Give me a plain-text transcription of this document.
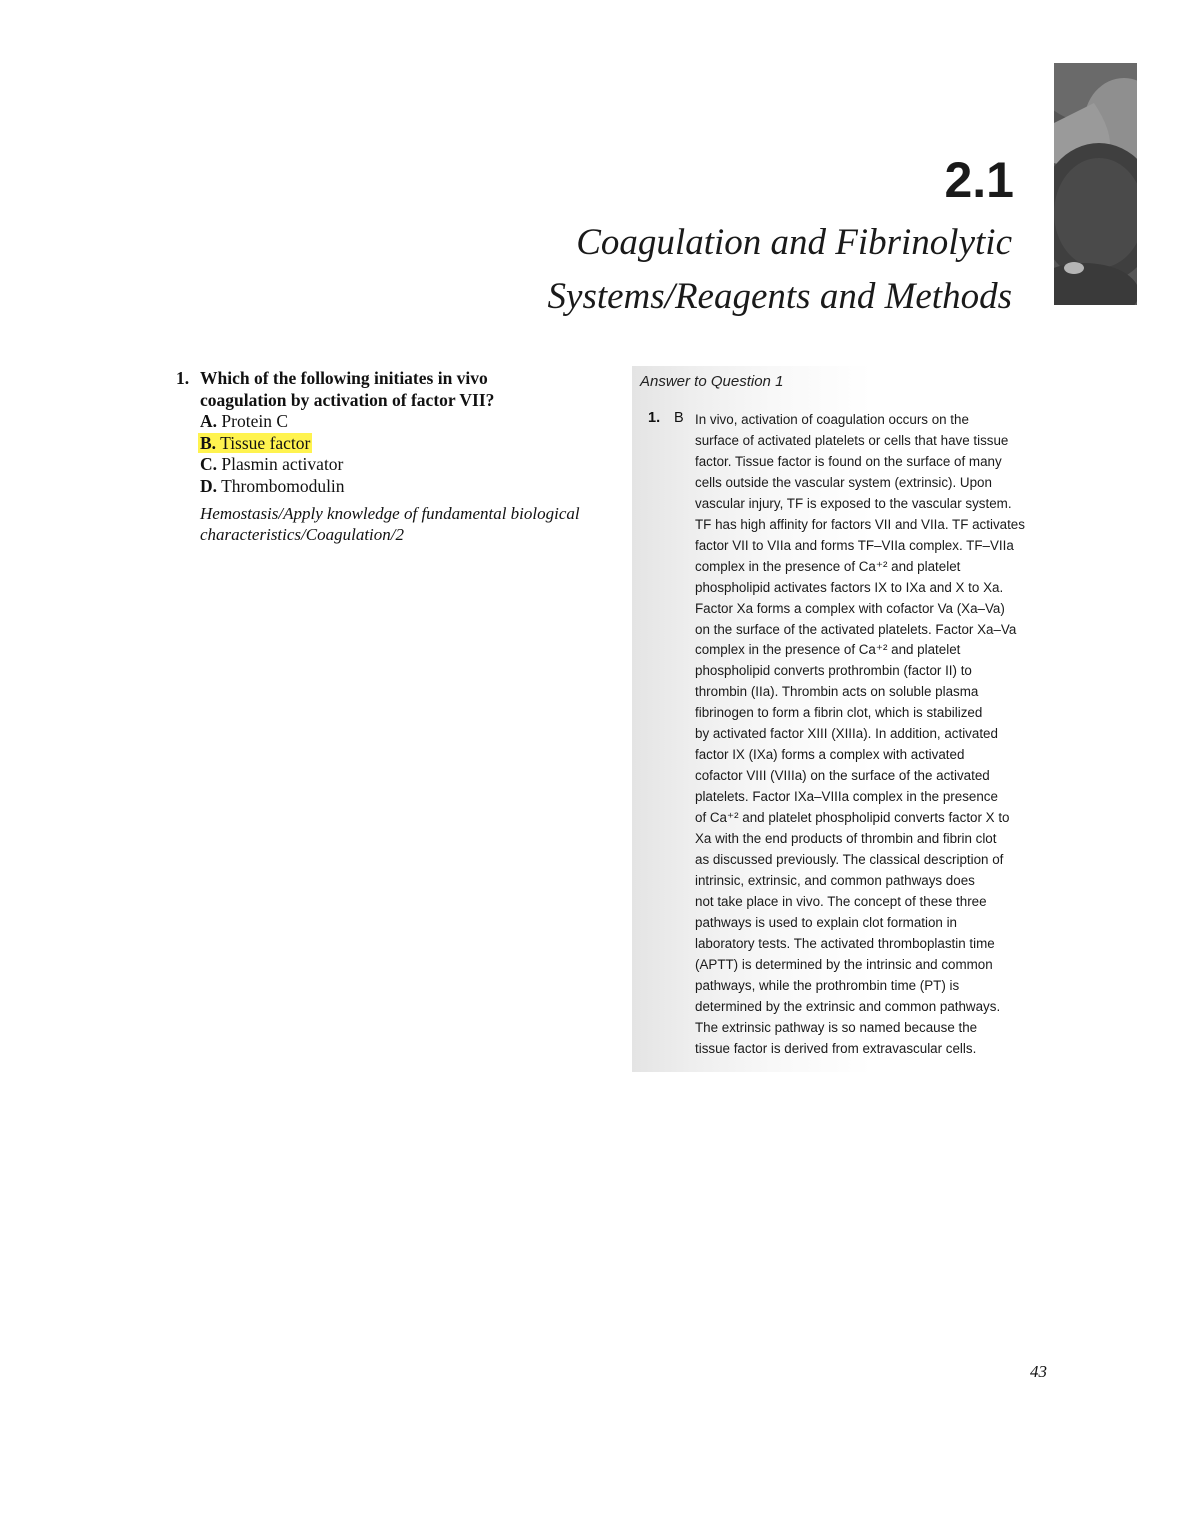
2.1
Coagulation and Fibrinolytic
Systems/Reagents and Methods
1. Which of the following initiates in vivo
coagulation by activation of factor VII?
A. Protein C
B. Tissue factor
C. Plasmin activator
D. Thrombomodulin
Hemostasis/Apply knowledge of fundamental biological
characteristics/Coagulation/2
Answer to Question 1
1. B In vivo, activation of coagulation occurs on the
surface of activated platelets or cells that have tissue
factor. Tissue factor is found on the surface of many
cells outside the vascular system (extrinsic). Upon
vascular injury, TF is exposed to the vascular system.
TF has high affinity for factors VII and VIIa. TF activates
factor VII to VIIa and forms TF–VIIa complex. TF–VIIa
complex in the presence of Ca⁺² and platelet
phospholipid activates factors IX to IXa and X to Xa.
Factor Xa forms a complex with cofactor Va (Xa–Va)
on the surface of the activated platelets. Factor Xa–Va
complex in the presence of Ca⁺² and platelet
phospholipid converts prothrombin (factor II) to
thrombin (IIa). Thrombin acts on soluble plasma
fibrinogen to form a fibrin clot, which is stabilized
by activated factor XIII (XIIIa). In addition, activated
factor IX (IXa) forms a complex with activated
cofactor VIII (VIIIa) on the surface of the activated
platelets. Factor IXa–VIIIa complex in the presence
of Ca⁺² and platelet phospholipid converts factor X to
Xa with the end products of thrombin and fibrin clot
as discussed previously. The classical description of
intrinsic, extrinsic, and common pathways does
not take place in vivo. The concept of these three
pathways is used to explain clot formation in
laboratory tests. The activated thromboplastin time
(APTT) is determined by the intrinsic and common
pathways, while the prothrombin time (PT) is
determined by the extrinsic and common pathways.
The extrinsic pathway is so named because the
tissue factor is derived from extravascular cells.
43
